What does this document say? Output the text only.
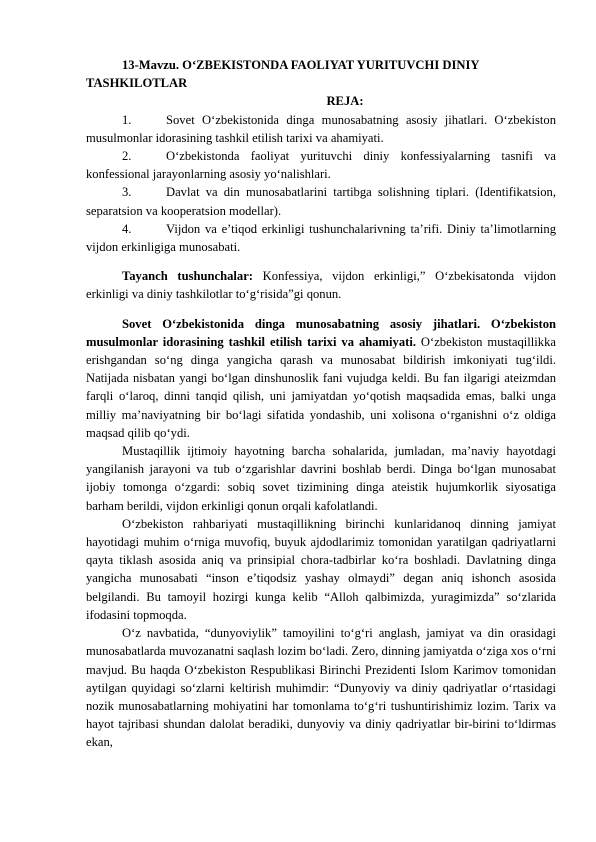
13-Mavzu. O‘ZBEKISTONDA FAOLIYAT YURITUVCHI DINIY
TASHKILOTLAR

REJA:

1.	Sovet O‘zbekistonida dinga munosabatning asosiy jihatlari. O‘zbekiston musulmonlar idorasining tashkil etilish tarixi va ahamiyati.

2.	O‘zbekistonda faoliyat yurituvchi diniy konfessiyalarning tasnifi va konfessional jarayonlarning asosiy yo‘nalishlari.

3.	Davlat va din munosabatlarini tartibga solishning tiplari. (Identifikatsion, separatsion va kooperatsion modellar).

4.	Vijdon va e’tiqod erkinligi tushunchalarivning ta’rifi. Diniy ta’limotlarning vijdon erkinligiga munosabati.

Tayanch tushunchalar: Konfessiya, vijdon erkinligi,” O‘zbekisatonda vijdon erkinligi va diniy tashkilotlar to‘g‘risida”gi qonun.

Sovet O‘zbekistonida dinga munosabatning asosiy jihatlari. O‘zbekiston musulmonlar idorasining tashkil etilish tarixi va ahamiyati. O‘zbekiston mustaqillikka erishgandan so‘ng dinga yangicha qarash va munosabat bildirish imkoniyati tug‘ildi. Natijada nisbatan yangi bo‘lgan dinshunoslik fani vujudga keldi. Bu fan ilgarigi ateizmdan farqli o‘laroq, dinni tanqid qilish, uni jamiyatdan yo‘qotish maqsadida emas, balki unga milliy ma’naviyatning bir bo‘lagi sifatida yondashib, uni xolisona o‘rganishni o‘z oldiga maqsad qilib qo‘ydi.

Mustaqillik ijtimoiy hayotning barcha sohalarida, jumladan, ma’naviy hayotdagi yangilanish jarayoni va tub o‘zgarishlar davrini boshlab berdi. Dinga bo‘lgan munosabat ijobiy tomonga o‘zgardi: sobiq sovet tizimining dinga ateistik hujumkorlik siyosatiga barham berildi, vijdon erkinligi qonun orqali kafolatlandi.

O‘zbekiston rahbariyati mustaqillikning birinchi kunlaridanoq dinning jamiyat hayotidagi muhim o‘rniga muvofiq, buyuk ajdodlarimiz tomonidan yaratilgan qadriyatlarni qayta tiklash asosida aniq va prinsipial chora-tadbirlar ko‘ra boshladi. Davlatning dinga yangicha munosabati “inson e’tiqodsiz yashay olmaydi” degan aniq ishonch asosida belgilandi. Bu tamoyil hozirgi kunga kelib “Alloh qalbimizda, yuragimizda” so‘zlarida ifodasini topmoqda.

O‘z navbatida, “dunyoviylik” tamoyilini to‘g‘ri anglash, jamiyat va din orasidagi munosabatlarda muvozanatni saqlash lozim bo‘ladi. Zero, dinning jamiyatda o‘ziga xos o‘rni mavjud. Bu haqda O‘zbekiston Respublikasi Birinchi Prezidenti Islom Karimov tomonidan aytilgan quyidagi so‘zlarni keltirish muhimdir: “Dunyoviy va diniy qadriyatlar o‘rtasidagi nozik munosabatlarning mohiyatini har tomonlama to‘g‘ri tushuntirishimiz lozim. Tarix va hayot tajribasi shundan dalolat beradiki, dunyoviy va diniy qadriyatlar bir-birini to‘ldirmas ekan,
